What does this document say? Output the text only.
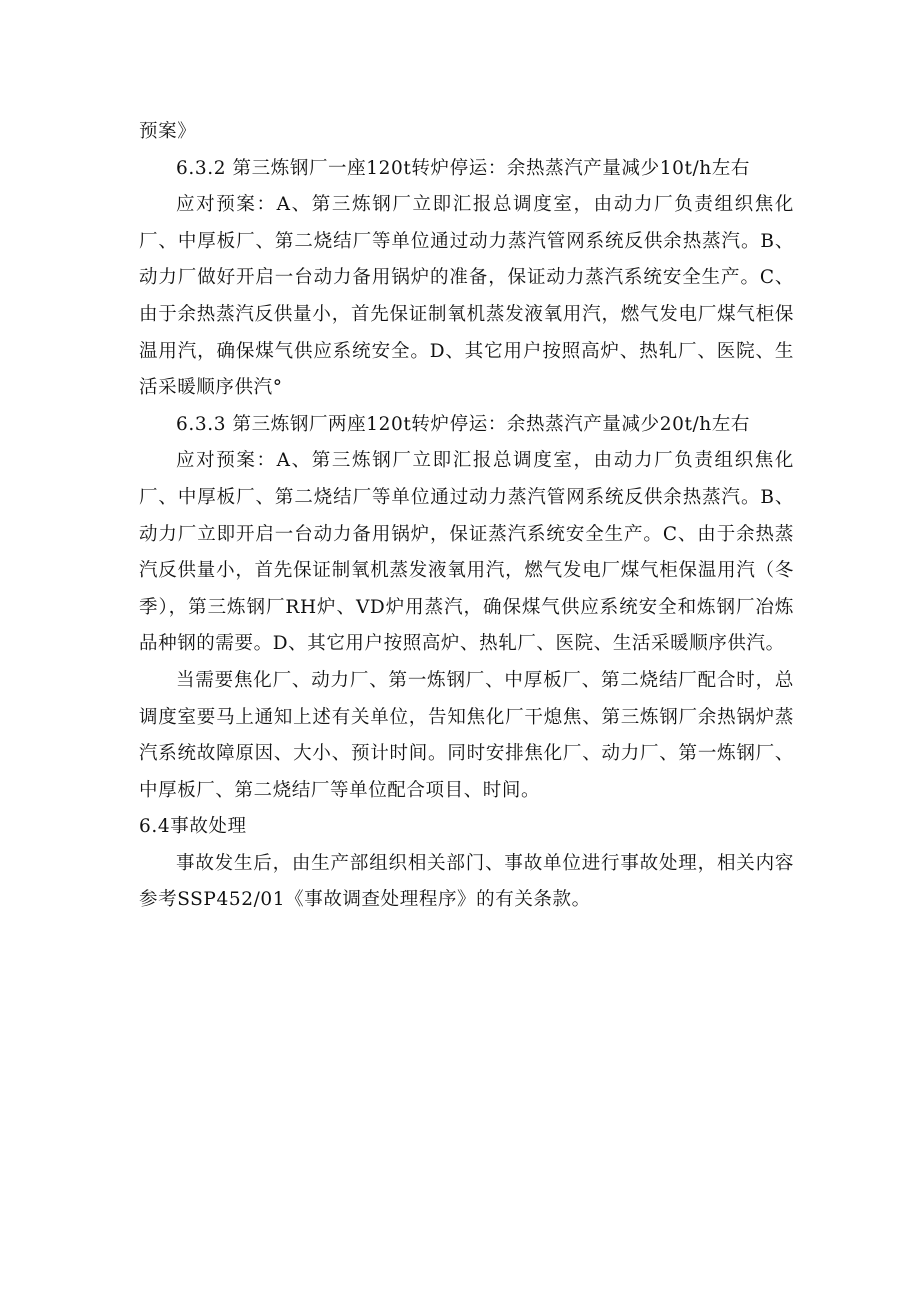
预案》

6.3.2 第三炼钢厂一座120t转炉停运：余热蒸汽产量减少10t/h左右

应对预案：A、第三炼钢厂立即汇报总调度室，由动力厂负责组织焦化厂、中厚板厂、第二烧结厂等单位通过动力蒸汽管网系统反供余热蒸汽。B、动力厂做好开启一台动力备用锅炉的准备，保证动力蒸汽系统安全生产。C、由于余热蒸汽反供量小，首先保证制氧机蒸发液氧用汽，燃气发电厂煤气柜保温用汽，确保煤气供应系统安全。D、其它用户按照高炉、热轧厂、医院、生活采暖顺序供汽°

6.3.3 第三炼钢厂两座120t转炉停运：余热蒸汽产量减少20t/h左右

应对预案：A、第三炼钢厂立即汇报总调度室，由动力厂负责组织焦化厂、中厚板厂、第二烧结厂等单位通过动力蒸汽管网系统反供余热蒸汽。B、动力厂立即开启一台动力备用锅炉，保证蒸汽系统安全生产。C、由于余热蒸汽反供量小，首先保证制氧机蒸发液氧用汽，燃气发电厂煤气柜保温用汽（冬季），第三炼钢厂RH炉、VD炉用蒸汽，确保煤气供应系统安全和炼钢厂冶炼品种钢的需要。D、其它用户按照高炉、热轧厂、医院、生活采暖顺序供汽。

当需要焦化厂、动力厂、第一炼钢厂、中厚板厂、第二烧结厂配合时，总调度室要马上通知上述有关单位，告知焦化厂干熄焦、第三炼钢厂余热锅炉蒸汽系统故障原因、大小、预计时间。同时安排焦化厂、动力厂、第一炼钢厂、中厚板厂、第二烧结厂等单位配合项目、时间。

6.4事故处理

事故发生后，由生产部组织相关部门、事故单位进行事故处理，相关内容参考SSP452/01《事故调查处理程序》的有关条款。
